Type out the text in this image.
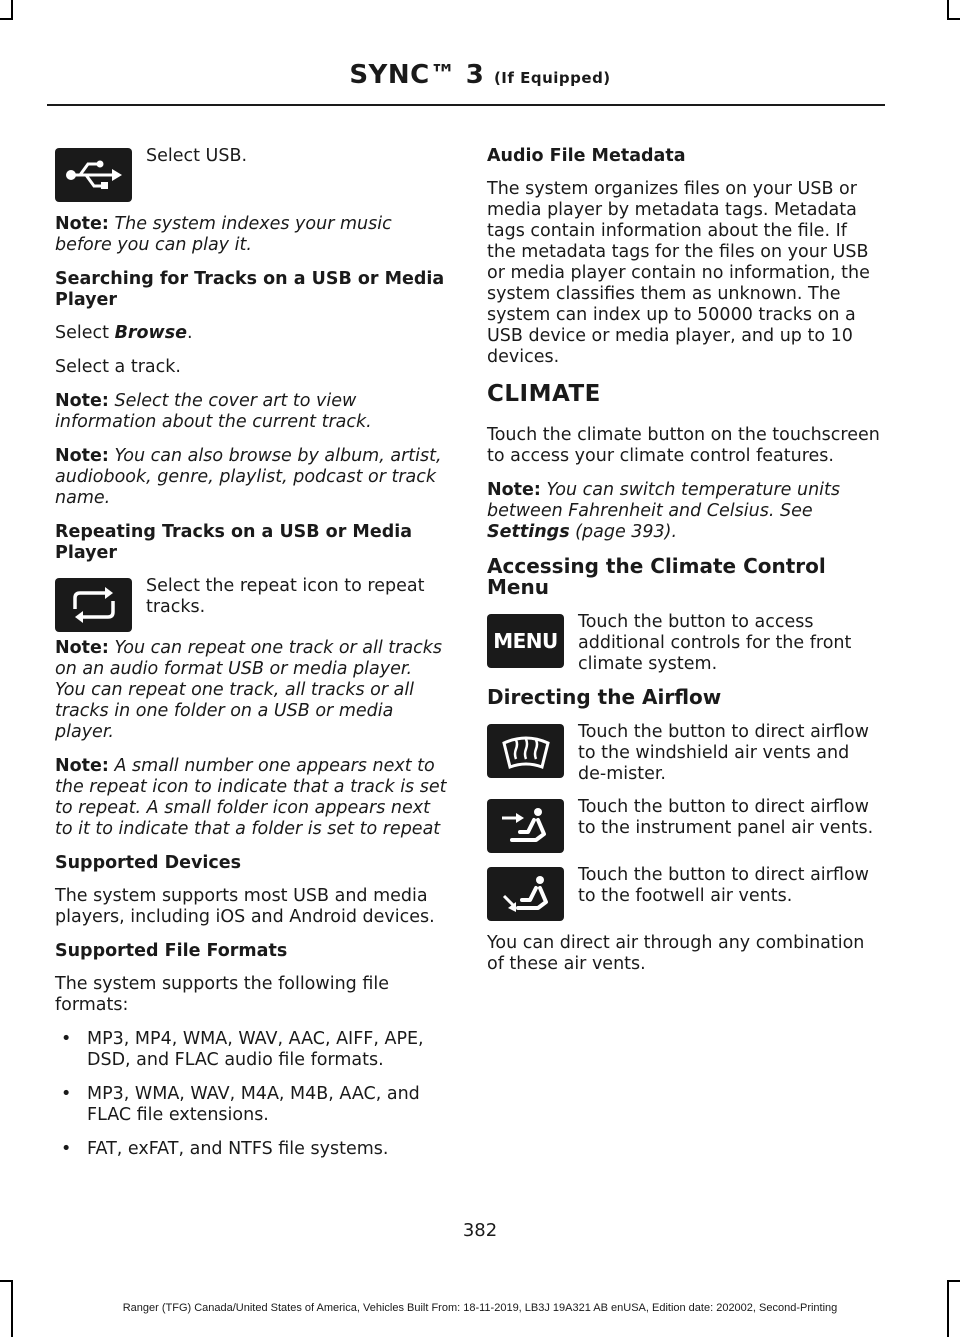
SYNC™ 3 (If Equipped)

Select USB.

Note: The system indexes your music before you can play it.

Searching for Tracks on a USB or Media Player

Select Browse.

Select a track.

Note: Select the cover art to view information about the current track.

Note: You can also browse by album, artist, audiobook, genre, playlist, podcast or track name.

Repeating Tracks on a USB or Media Player

Select the repeat icon to repeat tracks.

Note: You can repeat one track or all tracks on an audio format USB or media player. You can repeat one track, all tracks or all tracks in one folder on a USB or media player.

Note: A small number one appears next to the repeat icon to indicate that a track is set to repeat. A small folder icon appears next to it to indicate that a folder is set to repeat

Supported Devices

The system supports most USB and media players, including iOS and Android devices.

Supported File Formats

The system supports the following file formats:

• MP3, MP4, WMA, WAV, AAC, AIFF, APE, DSD, and FLAC audio file formats.
• MP3, WMA, WAV, M4A, M4B, AAC, and FLAC file extensions.
• FAT, exFAT, and NTFS file systems.
Audio File Metadata

The system organizes files on your USB or media player by metadata tags. Metadata tags contain information about the file. If the metadata tags for the files on your USB or media player contain no information, the system classifies them as unknown. The system can index up to 50000 tracks on a USB device or media player, and up to 10 devices.

CLIMATE

Touch the climate button on the touchscreen to access your climate control features.

Note: You can switch temperature units between Fahrenheit and Celsius. See Settings (page 393).

Accessing the Climate Control Menu
MENU

Touch the button to access additional controls for the front climate system.

Directing the Airflow

Touch the button to direct airflow to the windshield air vents and de-mister.

Touch the button to direct airflow to the instrument panel air vents.

Touch the button to direct airflow to the footwell air vents.

You can direct air through any combination of these air vents.

382
Ranger (TFG) Canada/United States of America, Vehicles Built From: 18-11-2019, LB3J 19A321 AB enUSA, Edition date: 202002, Second-Printing
